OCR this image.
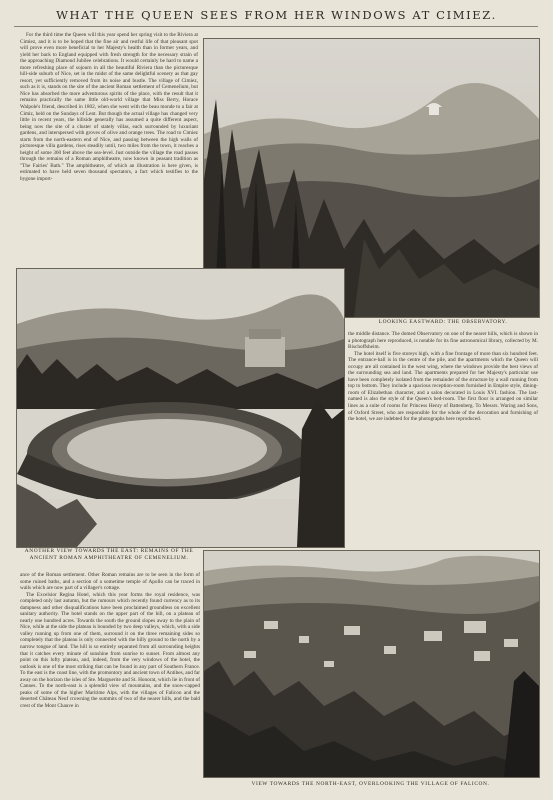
WHAT THE QUEEN SEES FROM HER WINDOWS AT CIMIEZ.

For the third time the Queen will this year spend her spring visit to the Riviera at Cimiez, and it is to be hoped that the fine air and restful life of that pleasant spot will prove even more beneficial to her Majesty's health than in former years, and yield her back to England equipped with fresh strength for the necessary strain of the approaching Diamond Jubilee celebrations. It would certainly be hard to name a more refreshing place of sojourn in all the beautiful Riviera than the picturesque hill-side suburb of Nice, set in the midst of the same delightful scenery as that gay resort, yet sufficiently removed from its noise and bustle. The village of Cimiez, such as it is, stands on the site of the ancient Roman settlement of Cemenelium, but Nice has absorbed the more adventurous spirits of the place, with the result that it remains practically the same little old-world village that Miss Berry, Horace Walpole's friend, described in 1802, when she went with the beau monde to a fair at Cimiz, held on the Sundays of Lent. But though the actual village has changed very little in recent years, the hillside generally has assumed a quite different aspect, being now the site of a cluster of stately villas, each surrounded by luxuriant gardens, and interspersed with groves of olive and orange trees. The road to Cimiez starts from the north-eastern end of Nice, and passing between the high walls of picturesque villa gardens, rises steadily until, two miles from the town, it reaches a height of some 360 feet above the sea-level. Just outside the village the road passes through the remains of a Roman amphitheatre, now known in peasant tradition as "The Fairies' Bath." The amphitheatre, of which an illustration is here given, is estimated to have held seven thousand spectators, a fact which testifies to the bygone import-

LOOKING EASTWARD: THE OBSERVATORY.

the middle distance. The domed Observatory on one of the nearer hills, which is shown in a photograph here reproduced, is notable for its fine astronomical library, collected by M. Bischoffsheim.

The hotel itself is five storeys high, with a fine frontage of more than six hundred feet. The entrance-hall is in the centre of the pile, and the apartments which the Queen will occupy are all contained in the west wing, where the windows provide the best views of the surrounding sea and land. The apartments prepared for her Majesty's particular use have been completely isolated from the remainder of the structure by a wall running from top to bottom. They include a spacious reception-room furnished in Empire style, dining-room of Elizabethan character, and a salon decorated in Louis XVI. fashion. The last-named is also the style of the Queen's bed-room. The first floor is arranged on similar lines as a suite of rooms for Princess Henry of Battenberg. To Messrs. Waring and Sons, of Oxford Street, who are responsible for the whole of the decoration and furnishing of the hotel, we are indebted for the photographs here reproduced.

ANOTHER VIEW TOWARDS THE EAST: REMAINS OF THE
ANCIENT ROMAN AMPHITHEATRE OF CEMENELIUM.

ance of the Roman settlement. Other Roman remains are to be seen in the form of some ruined baths, and a section of a sometime temple of Apollo can be traced in walls which are now part of a villager's cottage.

The Excelsior Regina Hotel, which this year forms the royal residence, was completed only last autumn, but the rumours which recently found currency as to its dampness and other disqualifications have been proclaimed groundless on excellent sanitary authority. The hotel stands on the upper part of the hill, on a plateau of nearly one hundred acres. Towards the south the ground slopes away to the plain of Nice, while at the side the plateau is bounded by two deep valleys, which, with a side valley running up from one of them, surround it on the three remaining sides so completely that the plateau is only connected with the hilly ground to the north by a narrow tongue of land. The hill is so entirely separated from all surrounding heights that it catches every minute of sunshine from sunrise to sunset. From almost any point on this lofty plateau, and, indeed, from the very windows of the hotel, the outlook is one of the most striking that can be found in any part of Southern France. To the east is the coast line, with the promontory and ancient town of Antibes, and far away on the horizon the isles of Ste. Marguerite and St. Honorat, which lie in front of Cannes. To the north-east is a splendid view of mountains, and the snow-capped peaks of some of the higher Maritime Alps, with the villages of Falicon and the deserted Château Neuf crowning the summits of two of the nearer hills, and the bald crest of the Mont Chauve in

VIEW TOWARDS THE NORTH-EAST, OVERLOOKING THE VILLAGE OF FALICON.
